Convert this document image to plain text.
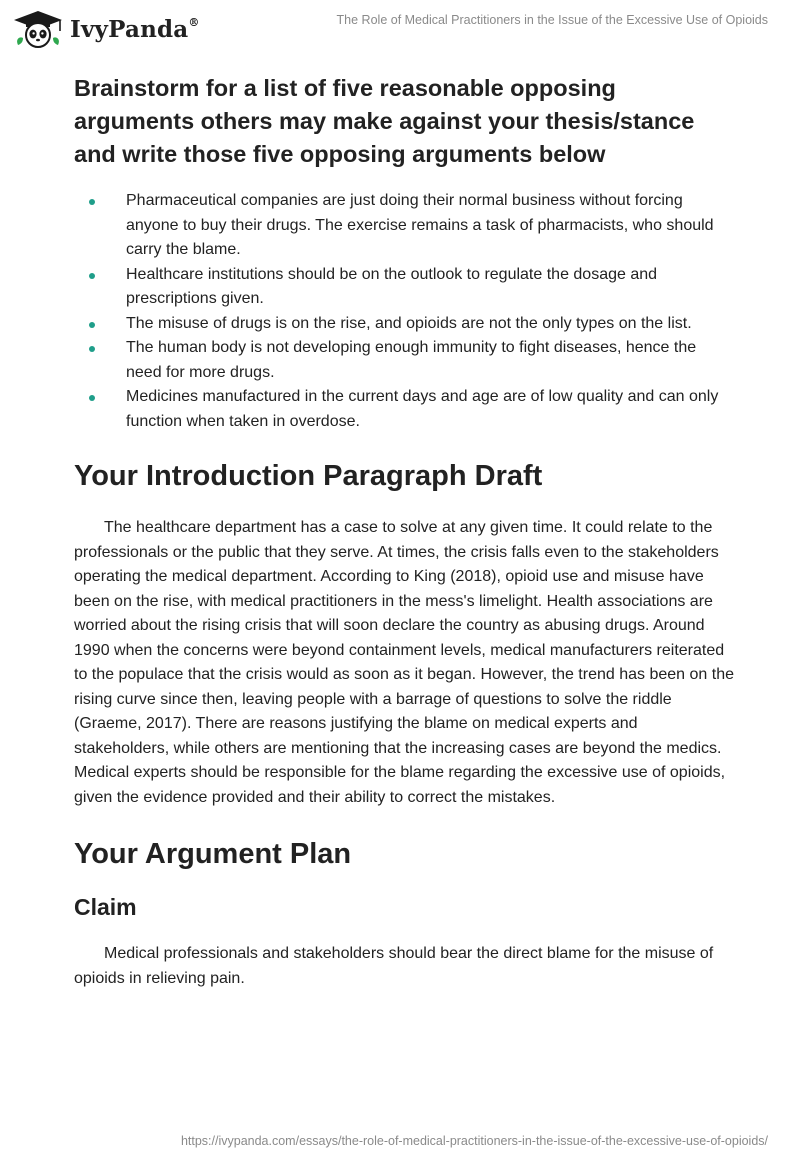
IvyPanda®	The Role of Medical Practitioners in the Issue of the Excessive Use of Opioids
Brainstorm for a list of five reasonable opposing arguments others may make against your thesis/stance and write those five opposing arguments below
Pharmaceutical companies are just doing their normal business without forcing anyone to buy their drugs. The exercise remains a task of pharmacists, who should carry the blame.
Healthcare institutions should be on the outlook to regulate the dosage and prescriptions given.
The misuse of drugs is on the rise, and opioids are not the only types on the list.
The human body is not developing enough immunity to fight diseases, hence the need for more drugs.
Medicines manufactured in the current days and age are of low quality and can only function when taken in overdose.
Your Introduction Paragraph Draft

The healthcare department has a case to solve at any given time. It could relate to the professionals or the public that they serve. At times, the crisis falls even to the stakeholders operating the medical department. According to King (2018), opioid use and misuse have been on the rise, with medical practitioners in the mess's limelight. Health associations are worried about the rising crisis that will soon declare the country as abusing drugs. Around 1990 when the concerns were beyond containment levels, medical manufacturers reiterated to the populace that the crisis would as soon as it began. However, the trend has been on the rising curve since then, leaving people with a barrage of questions to solve the riddle (Graeme, 2017). There are reasons justifying the blame on medical experts and stakeholders, while others are mentioning that the increasing cases are beyond the medics. Medical experts should be responsible for the blame regarding the excessive use of opioids, given the evidence provided and their ability to correct the mistakes.

Your Argument Plan
Claim

Medical professionals and stakeholders should bear the direct blame for the misuse of opioids in relieving pain.

https://ivypanda.com/essays/the-role-of-medical-practitioners-in-the-issue-of-the-excessive-use-of-opioids/
